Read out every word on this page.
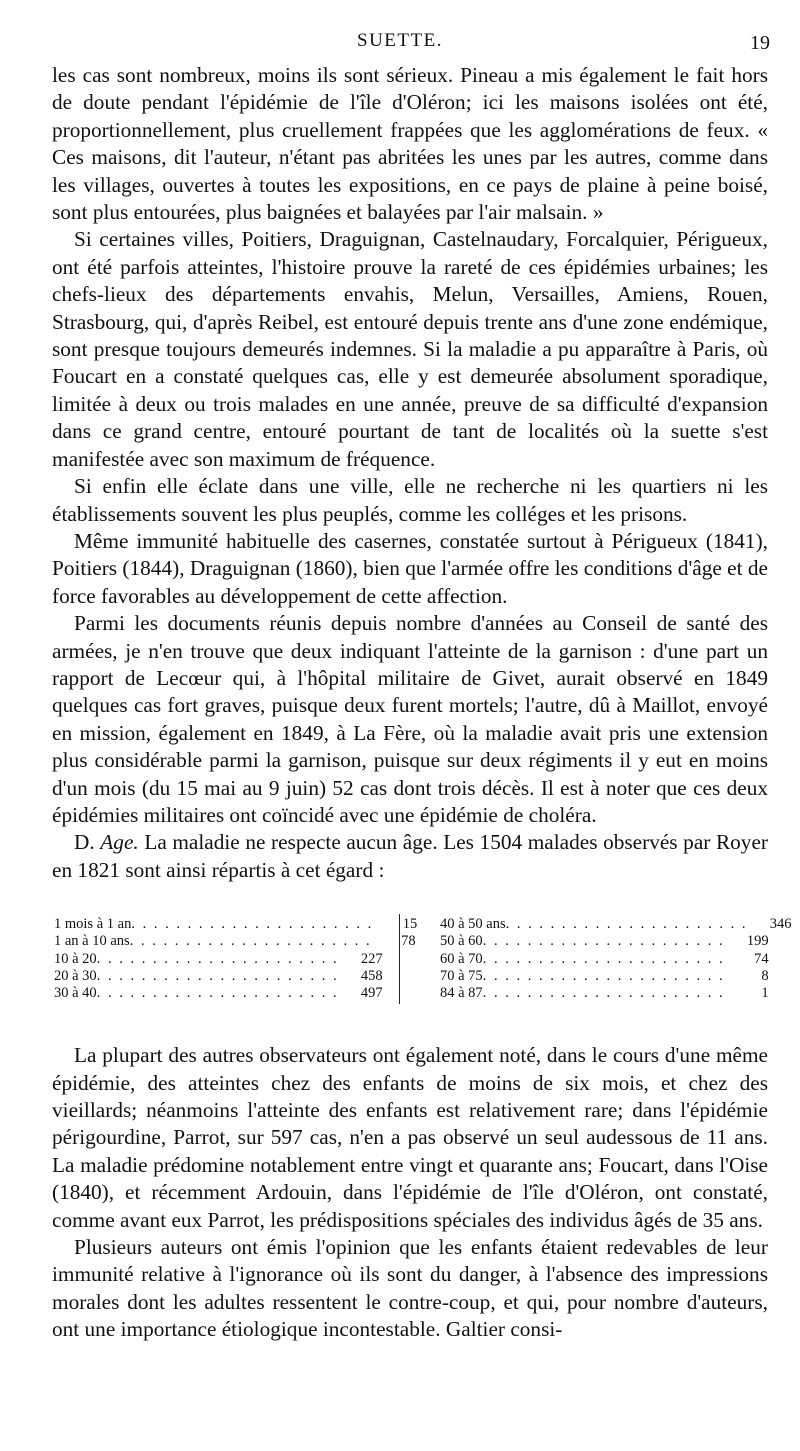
SUETTE.	19

les cas sont nombreux, moins ils sont sérieux. Pineau a mis également le fait hors de doute pendant l'épidémie de l'île d'Oléron; ici les maisons isolées ont été, proportionnellement, plus cruellement frappées que les agglomérations de feux. « Ces maisons, dit l'auteur, n'étant pas abritées les unes par les autres, comme dans les villages, ouvertes à toutes les expositions, en ce pays de plaine à peine boisé, sont plus entourées, plus baignées et balayées par l'air malsain. »

Si certaines villes, Poitiers, Draguignan, Castelnaudary, Forcalquier, Périgueux, ont été parfois atteintes, l'histoire prouve la rareté de ces épidémies urbaines; les chefs-lieux des départements envahis, Melun, Versailles, Amiens, Rouen, Strasbourg, qui, d'après Reibel, est entouré depuis trente ans d'une zone endémique, sont presque toujours demeurés indemnes. Si la maladie a pu apparaître à Paris, où Foucart en a constaté quelques cas, elle y est demeurée absolument sporadique, limitée à deux ou trois malades en une année, preuve de sa difficulté d'expansion dans ce grand centre, entouré pourtant de tant de localités où la suette s'est manifestée avec son maximum de fréquence.

Si enfin elle éclate dans une ville, elle ne recherche ni les quartiers ni les établissements souvent les plus peuplés, comme les colléges et les prisons.

Même immunité habituelle des casernes, constatée surtout à Périgueux (1841), Poitiers (1844), Draguignan (1860), bien que l'armée offre les conditions d'âge et de force favorables au développement de cette affection.

Parmi les documents réunis depuis nombre d'années au Conseil de santé des armées, je n'en trouve que deux indiquant l'atteinte de la garnison : d'une part un rapport de Lecœur qui, à l'hôpital militaire de Givet, aurait observé en 1849 quelques cas fort graves, puisque deux furent mortels; l'autre, dû à Maillot, envoyé en mission, également en 1849, à La Fère, où la maladie avait pris une extension plus considérable parmi la garnison, puisque sur deux régiments il y eut en moins d'un mois (du 15 mai au 9 juin) 52 cas dont trois décès. Il est à noter que ces deux épidémies militaires ont coïncidé avec une épidémie de choléra.

D. Age. La maladie ne respecte aucun âge. Les 1504 malades observés par Royer en 1821 sont ainsi répartis à cet égard :

1 mois à 1 an . . . . . . . . . . . . . . . . . . . . . .	15
1 an à 10 ans . . . . . . . . . . . . . . . . . . . . . .	78
10 à 20 . . . . . . . . . . . . . . . . . . . . . .	227
20 à 30 . . . . . . . . . . . . . . . . . . . . . .	458
30 à 40 . . . . . . . . . . . . . . . . . . . . . .	497
40 à 50 ans . . . . . . . . . . . . . . . . . . . . . .	346
50 à 60 . . . . . . . . . . . . . . . . . . . . . .	199
60 à 70 . . . . . . . . . . . . . . . . . . . . . .	74
70 à 75 . . . . . . . . . . . . . . . . . . . . . .	8
84 à 87 . . . . . . . . . . . . . . . . . . . . . .	1

La plupart des autres observateurs ont également noté, dans le cours d'une même épidémie, des atteintes chez des enfants de moins de six mois, et chez des vieillards; néanmoins l'atteinte des enfants est relativement rare; dans l'épidémie périgourdine, Parrot, sur 597 cas, n'en a pas observé un seul audessous de 11 ans. La maladie prédomine notablement entre vingt et quarante ans; Foucart, dans l'Oise (1840), et récemment Ardouin, dans l'épidémie de l'île d'Oléron, ont constaté, comme avant eux Parrot, les prédispositions spéciales des individus âgés de 35 ans.

Plusieurs auteurs ont émis l'opinion que les enfants étaient redevables de leur immunité relative à l'ignorance où ils sont du danger, à l'absence des impressions morales dont les adultes ressentent le contre-coup, et qui, pour nombre d'auteurs, ont une importance étiologique incontestable. Galtier consi-
